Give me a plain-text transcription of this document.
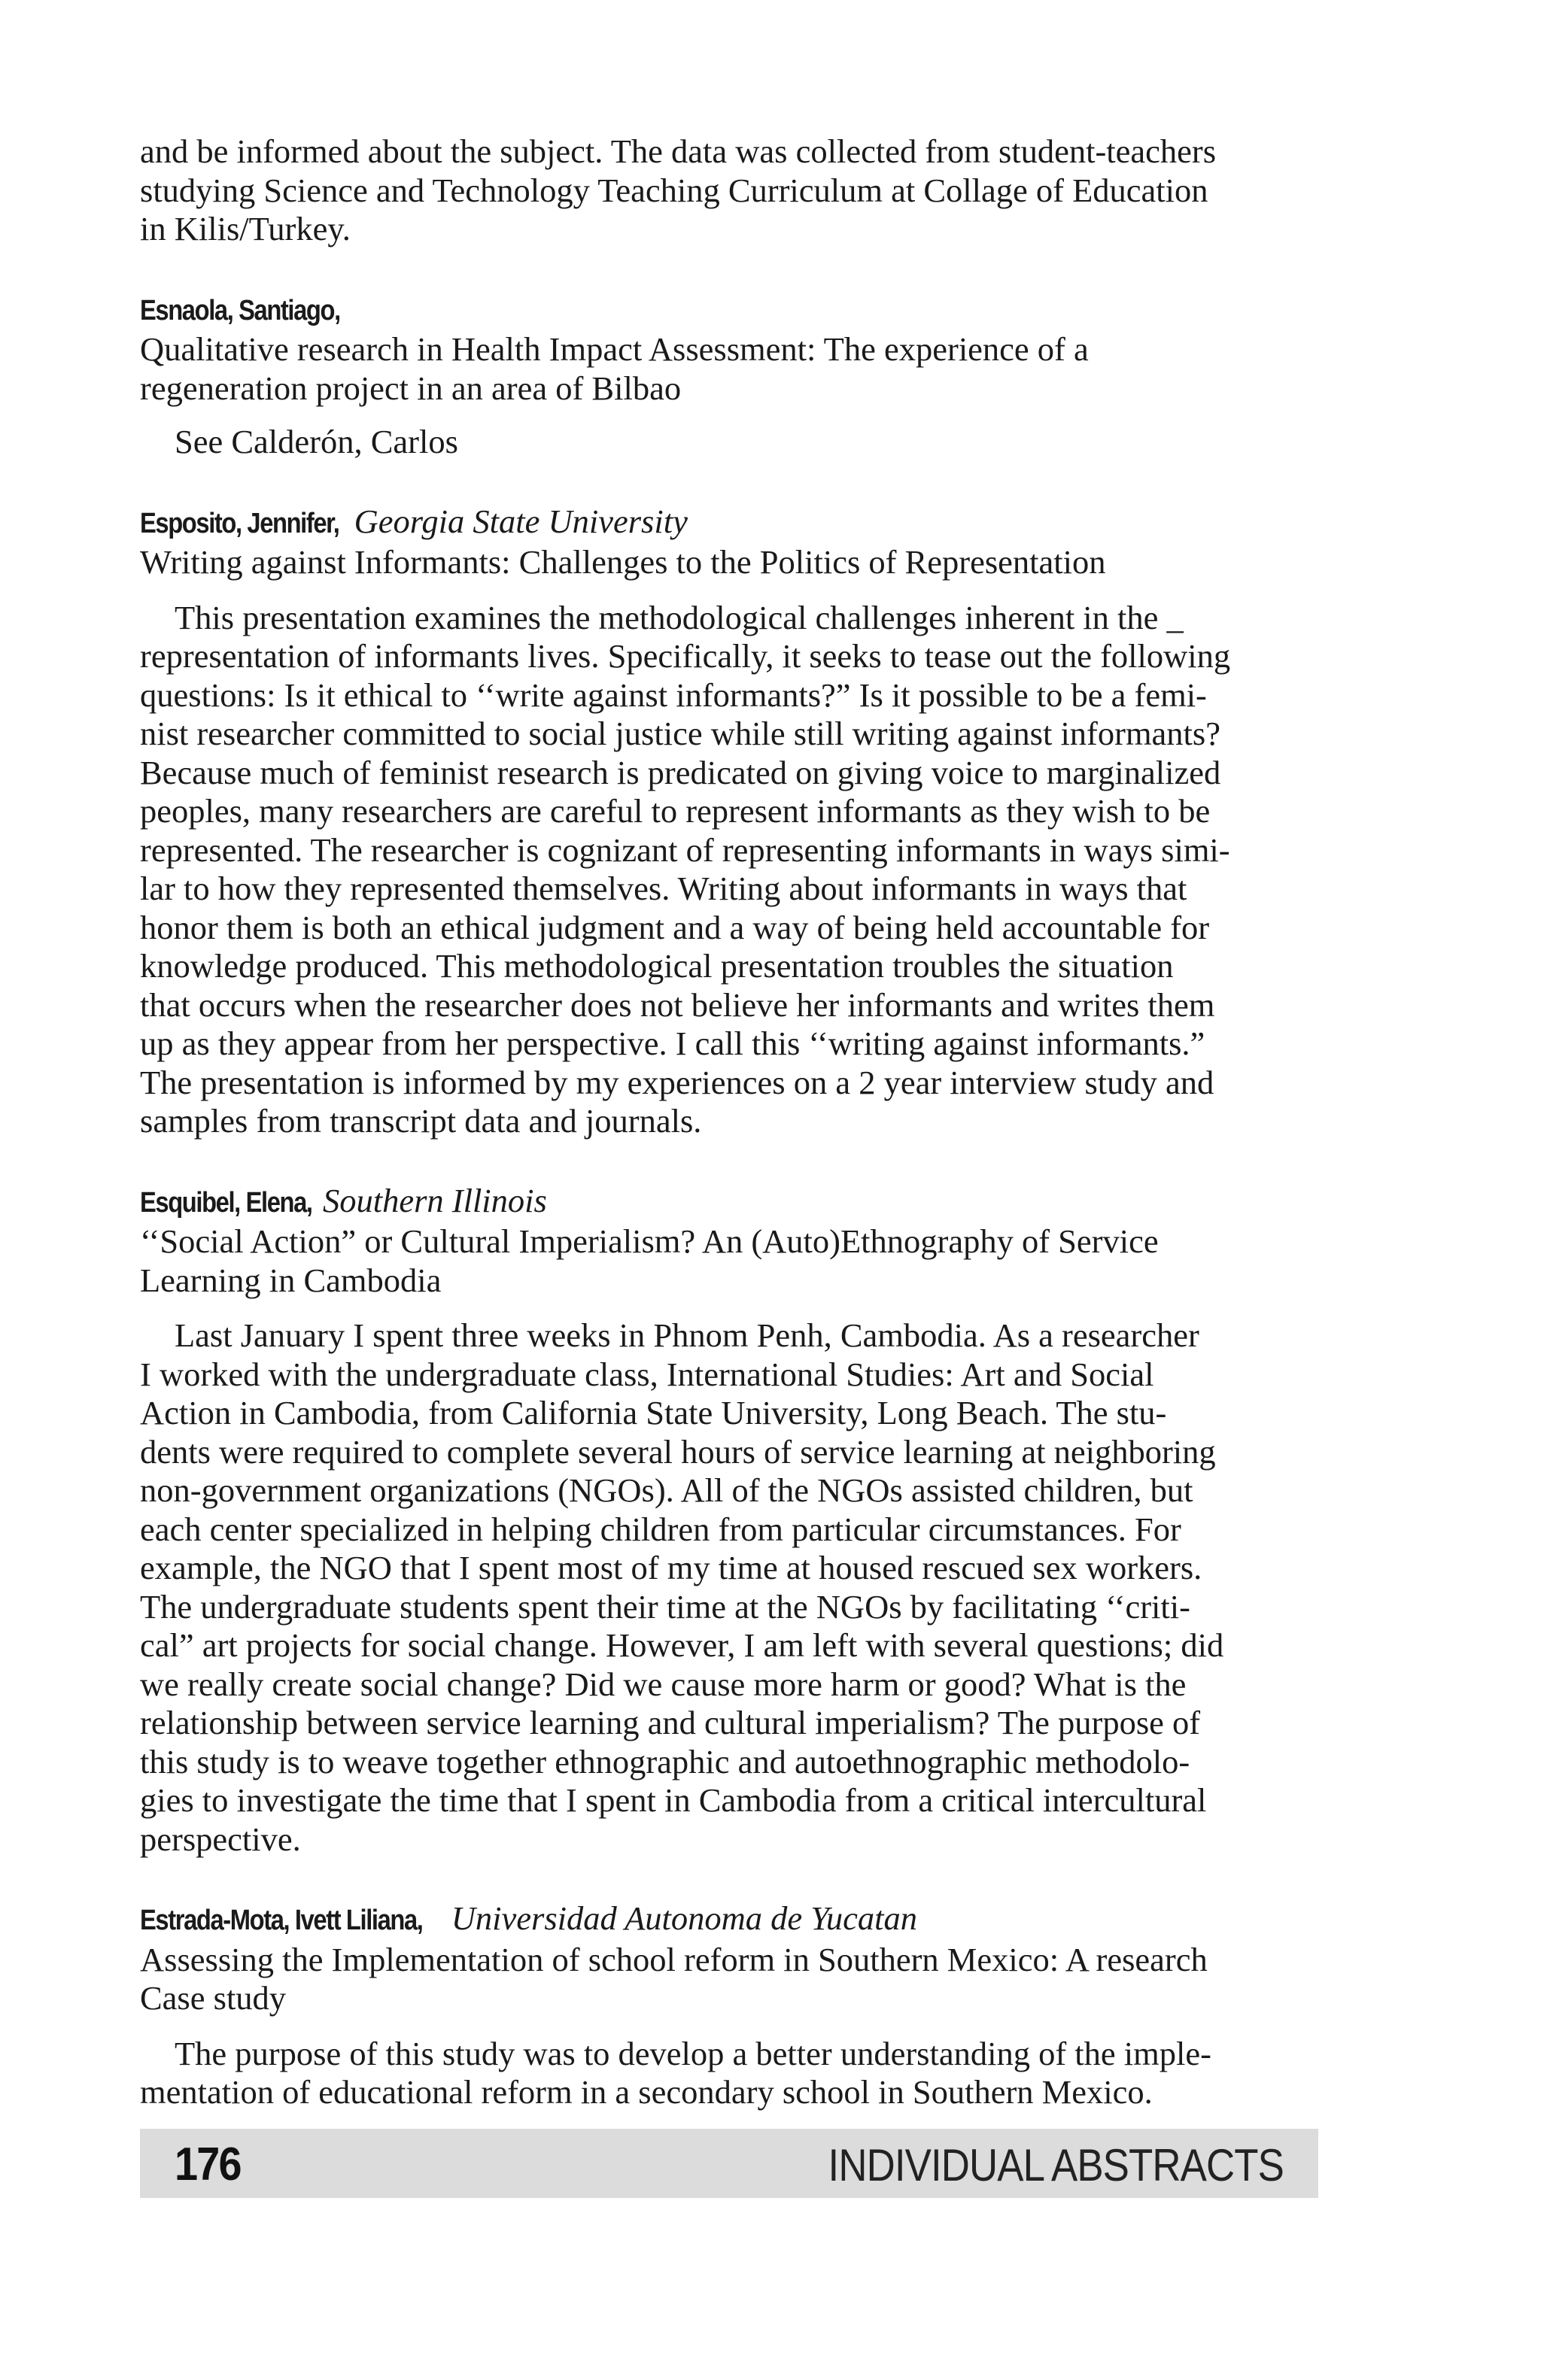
and be informed about the subject. The data was collected from student-teachers
studying Science and Technology Teaching Curriculum at Collage of Education
in Kilis/Turkey.

Esnaola, Santiago,
Qualitative research in Health Impact Assessment: The experience of a
regeneration project in an area of Bilbao

See Calderón, Carlos

Esposito, Jennifer, Georgia State University
Writing against Informants: Challenges to the Politics of Representation

This presentation examines the methodological challenges inherent in the _
representation of informants lives. Specifically, it seeks to tease out the following
questions: Is it ethical to ‘‘write against informants?” Is it possible to be a femi-
nist researcher committed to social justice while still writing against informants?
Because much of feminist research is predicated on giving voice to marginalized
peoples, many researchers are careful to represent informants as they wish to be
represented. The researcher is cognizant of representing informants in ways simi-
lar to how they represented themselves. Writing about informants in ways that
honor them is both an ethical judgment and a way of being held accountable for
knowledge produced. This methodological presentation troubles the situation
that occurs when the researcher does not believe her informants and writes them
up as they appear from her perspective. I call this ‘‘writing against informants.”
The presentation is informed by my experiences on a 2 year interview study and
samples from transcript data and journals.

Esquibel, Elena, Southern Illinois
‘‘Social Action” or Cultural Imperialism? An (Auto)Ethnography of Service
Learning in Cambodia

Last January I spent three weeks in Phnom Penh, Cambodia. As a researcher
I worked with the undergraduate class, International Studies: Art and Social
Action in Cambodia, from California State University, Long Beach. The stu-
dents were required to complete several hours of service learning at neighboring
non-government organizations (NGOs). All of the NGOs assisted children, but
each center specialized in helping children from particular circumstances. For
example, the NGO that I spent most of my time at housed rescued sex workers.
The undergraduate students spent their time at the NGOs by facilitating ‘‘criti-
cal” art projects for social change. However, I am left with several questions; did
we really create social change? Did we cause more harm or good? What is the
relationship between service learning and cultural imperialism? The purpose of
this study is to weave together ethnographic and autoethnographic methodolo-
gies to investigate the time that I spent in Cambodia from a critical intercultural
perspective.

Estrada-Mota, Ivett Liliana, Universidad Autonoma de Yucatan
Assessing the Implementation of school reform in Southern Mexico: A research
Case study

The purpose of this study was to develop a better understanding of the imple-
mentation of educational reform in a secondary school in Southern Mexico.

176	INDIVIDUAL ABSTRACTS
